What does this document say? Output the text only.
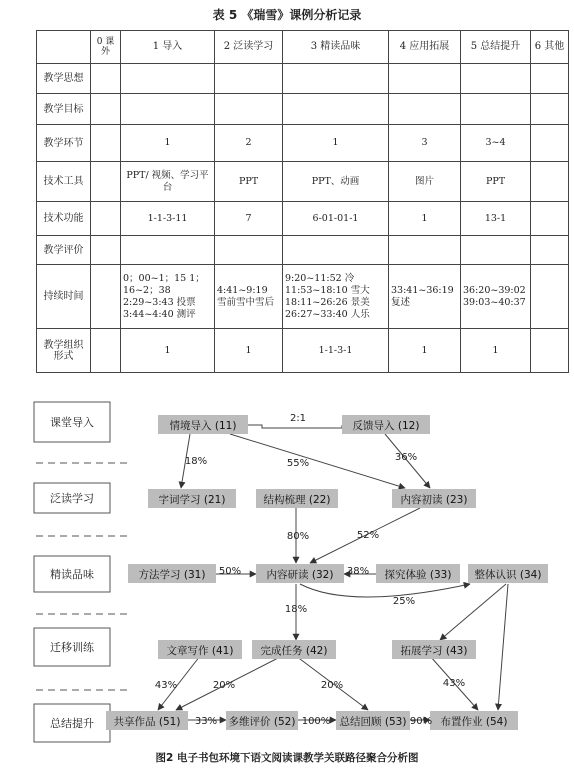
表 5 《瑞雪》课例分析记录
	0 课外	1 导入	2 泛读学习	3 精读品味	4 应用拓展	5 总结提升	6 其他
教学思想							
教学目标							
教学环节		1	2	1	3	3~4	
技术工具		PPT/ 视频、学习平台	PPT	PPT、动画	图片	PPT	
技术功能		1-1-3-11	7	6-01-01-1	1	13-1	
教学评价							
持续时间		0；00~1；15 1；16~2；38 2:29~3:43 投票 3:44~4:40 测评	4:41~9:19 雪前雪中雪后	9:20~11:52 冷 11:53~18:10 雪大 18:11~26:26 景美 26:27~33:40 人乐	33:41~36:19 复述	36:20~39:02 39:03~40:37	
教学组织形式		1	1	1-1-3-1	1	1	
课堂导入
泛读学习
精读品味
迁移训练
总结提升
情境导入 (11)	反馈导入 (12)
字词学习 (21)	结构梳理 (22)	内容初读 (23)
方法学习 (31)	内容研读 (32)	探究体验 (33) 整体认识 (34)
文章写作 (41)	完成任务 (42)	拓展学习 (43)
共享作品 (51)	多维评价 (52)	总结回顾 (53)	布置作业 (54)
2:1
18%	55%
36%
80%	52%
50%	38%
25%
18%
43%	20%	20%	43%
33%	100%	90%
图2 电子书包环境下语文阅读课教学关联路径聚合分析图
